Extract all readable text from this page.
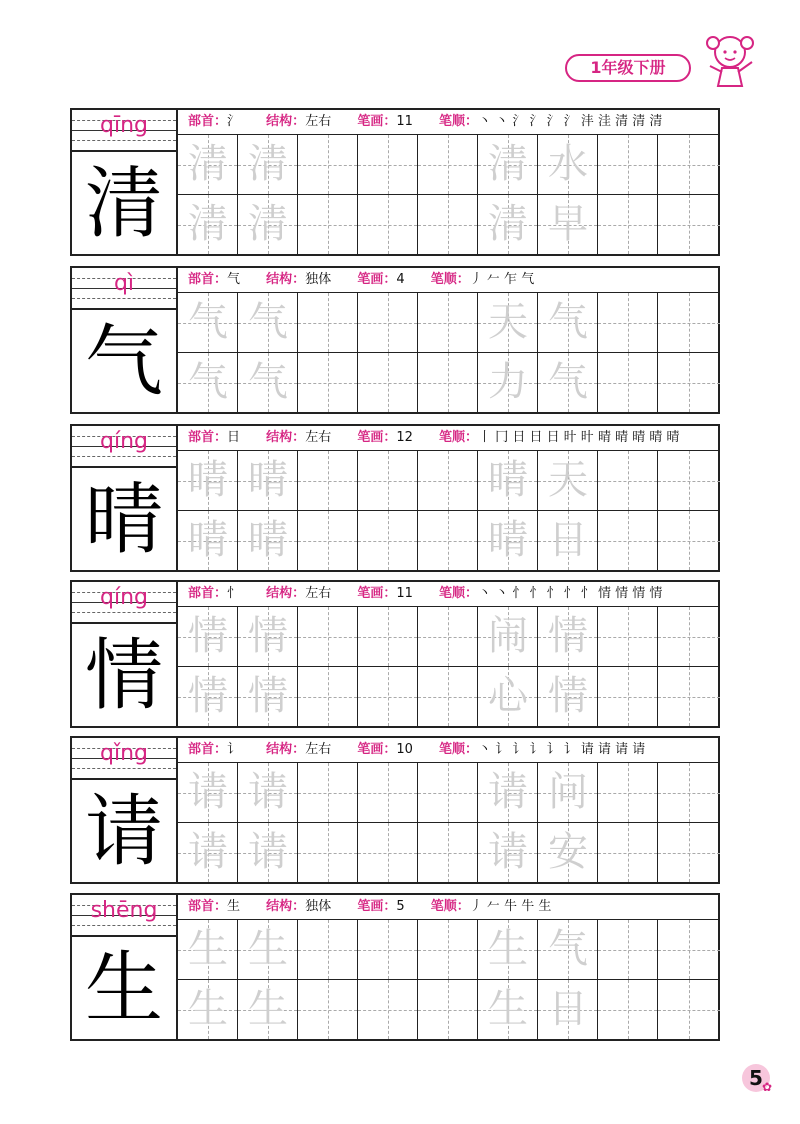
1年级下册
qīng
清
部首：氵 结构：左右 笔画：11 笔顺：丶 丶 氵 氵 氵 氵 沣 洼 清 清 清
清 清	清 水
清 清	清 早
qì
气
部首：气 结构：独体 笔画：4 笔顺：丿 𠂉 乍 气
气 气	天 气
气 气	力 气
qíng
晴
部首：日 结构：左右 笔画：12 笔顺：丨 冂 日 日 日 旪 旪 晴 晴 晴 晴 晴
晴 晴	晴 天
晴 晴	晴 日
qíng
情
部首：忄 结构：左右 笔画：11 笔顺：丶 丶 忄 忄 忄 忄 忄 情 情 情 情
情 情	闹 情
情 情	心 情
qǐng
请
部首：讠 结构：左右 笔画：10 笔顺：丶 讠 讠 讠 讠 讠 请 请 请 请
请 请	请 问
请 请	请 安
shēng
生
部首：生 结构：独体 笔画：5 笔顺：丿 𠂉 牛 牛 生
生 生	生 气
生 生	生 日
5 ✿
